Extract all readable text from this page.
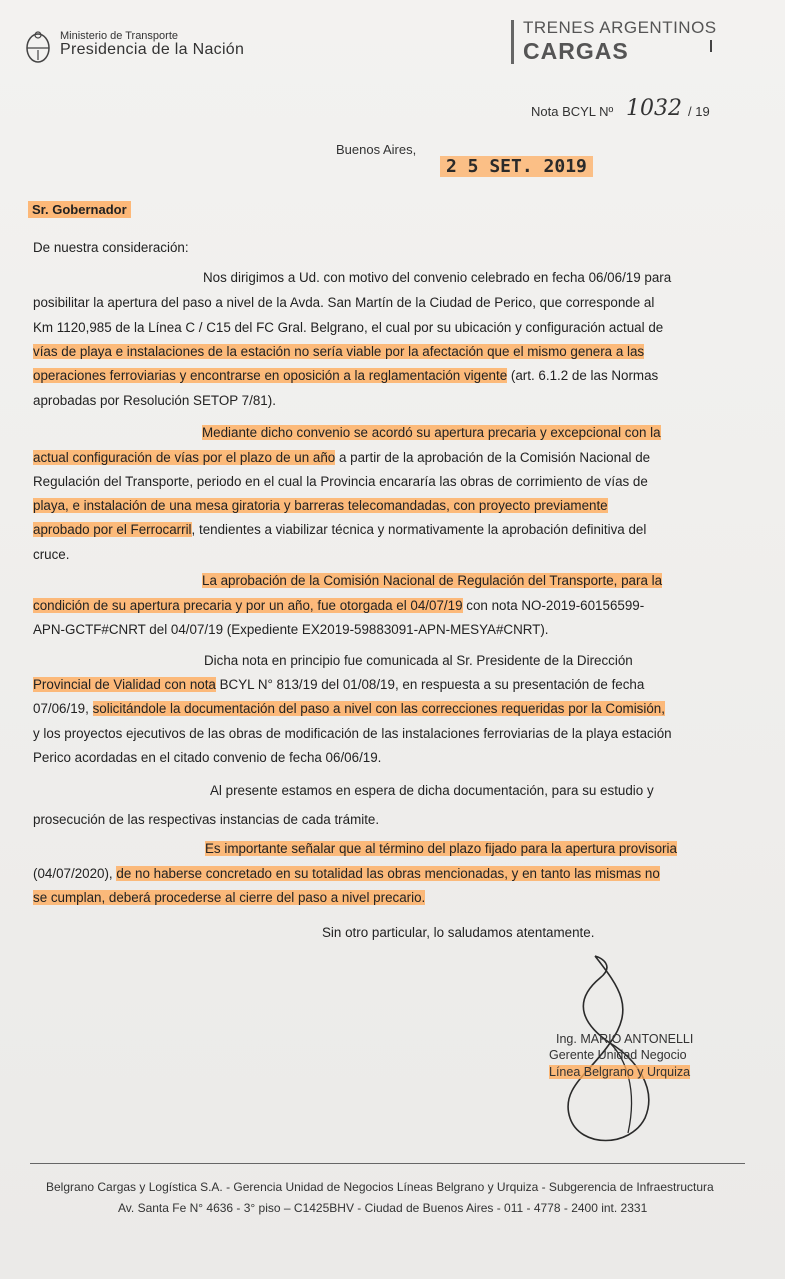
Ministerio de Transporte
Presidencia de la Nación
TRENES ARGENTINOS
CARGAS
Nota BCYL Nº 1032 / 19
Buenos Aires,
2 5 SET. 2019
Sr. Gobernador
De nuestra consideración:
Nos dirigimos a Ud. con motivo del convenio celebrado en fecha 06/06/19 para
posibilitar la apertura del paso a nivel de la Avda. San Martín de la Ciudad de Perico, que corresponde al
Km 1120,985 de la Línea C / C15 del FC Gral. Belgrano, el cual por su ubicación y configuración actual de
vías de playa e instalaciones de la estación no sería viable por la afectación que el mismo genera a las
operaciones ferroviarias y encontrarse en oposición a la reglamentación vigente (art. 6.1.2 de las Normas
aprobadas por Resolución SETOP 7/81).
Mediante dicho convenio se acordó su apertura precaria y excepcional con la
actual configuración de vías por el plazo de un año a partir de la aprobación de la Comisión Nacional de
Regulación del Transporte, periodo en el cual la Provincia encararía las obras de corrimiento de vías de
playa, e instalación de una mesa giratoria y barreras telecomandadas, con proyecto previamente
aprobado por el Ferrocarril, tendientes a viabilizar técnica y normativamente la aprobación definitiva del
cruce.
La aprobación de la Comisión Nacional de Regulación del Transporte, para la
condición de su apertura precaria y por un año, fue otorgada el 04/07/19 con nota NO-2019-60156599-
APN-GCTF#CNRT del 04/07/19 (Expediente EX2019-59883091-APN-MESYA#CNRT).
Dicha nota en principio fue comunicada al Sr. Presidente de la Dirección
Provincial de Vialidad con nota BCYL N° 813/19 del 01/08/19, en respuesta a su presentación de fecha
07/06/19, solicitándole la documentación del paso a nivel con las correcciones requeridas por la Comisión,
y los proyectos ejecutivos de las obras de modificación de las instalaciones ferroviarias de la playa estación
Perico acordadas en el citado convenio de fecha 06/06/19.
Al presente estamos en espera de dicha documentación, para su estudio y
prosecución de las respectivas instancias de cada trámite.
Es importante señalar que al término del plazo fijado para la apertura provisoria
(04/07/2020), de no haberse concretado en su totalidad las obras mencionadas, y en tanto las mismas no
se cumplan, deberá procederse al cierre del paso a nivel precario.
Sin otro particular, lo saludamos atentamente.
Ing. MARIO ANTONELLI
Gerente Unidad Negocio
Línea Belgrano y Urquiza
Belgrano Cargas y Logística S.A. - Gerencia Unidad de Negocios Líneas Belgrano y Urquiza - Subgerencia de Infraestructura
Av. Santa Fe N° 4636 - 3° piso – C1425BHV - Ciudad de Buenos Aires - 011 - 4778 - 2400 int. 2331
